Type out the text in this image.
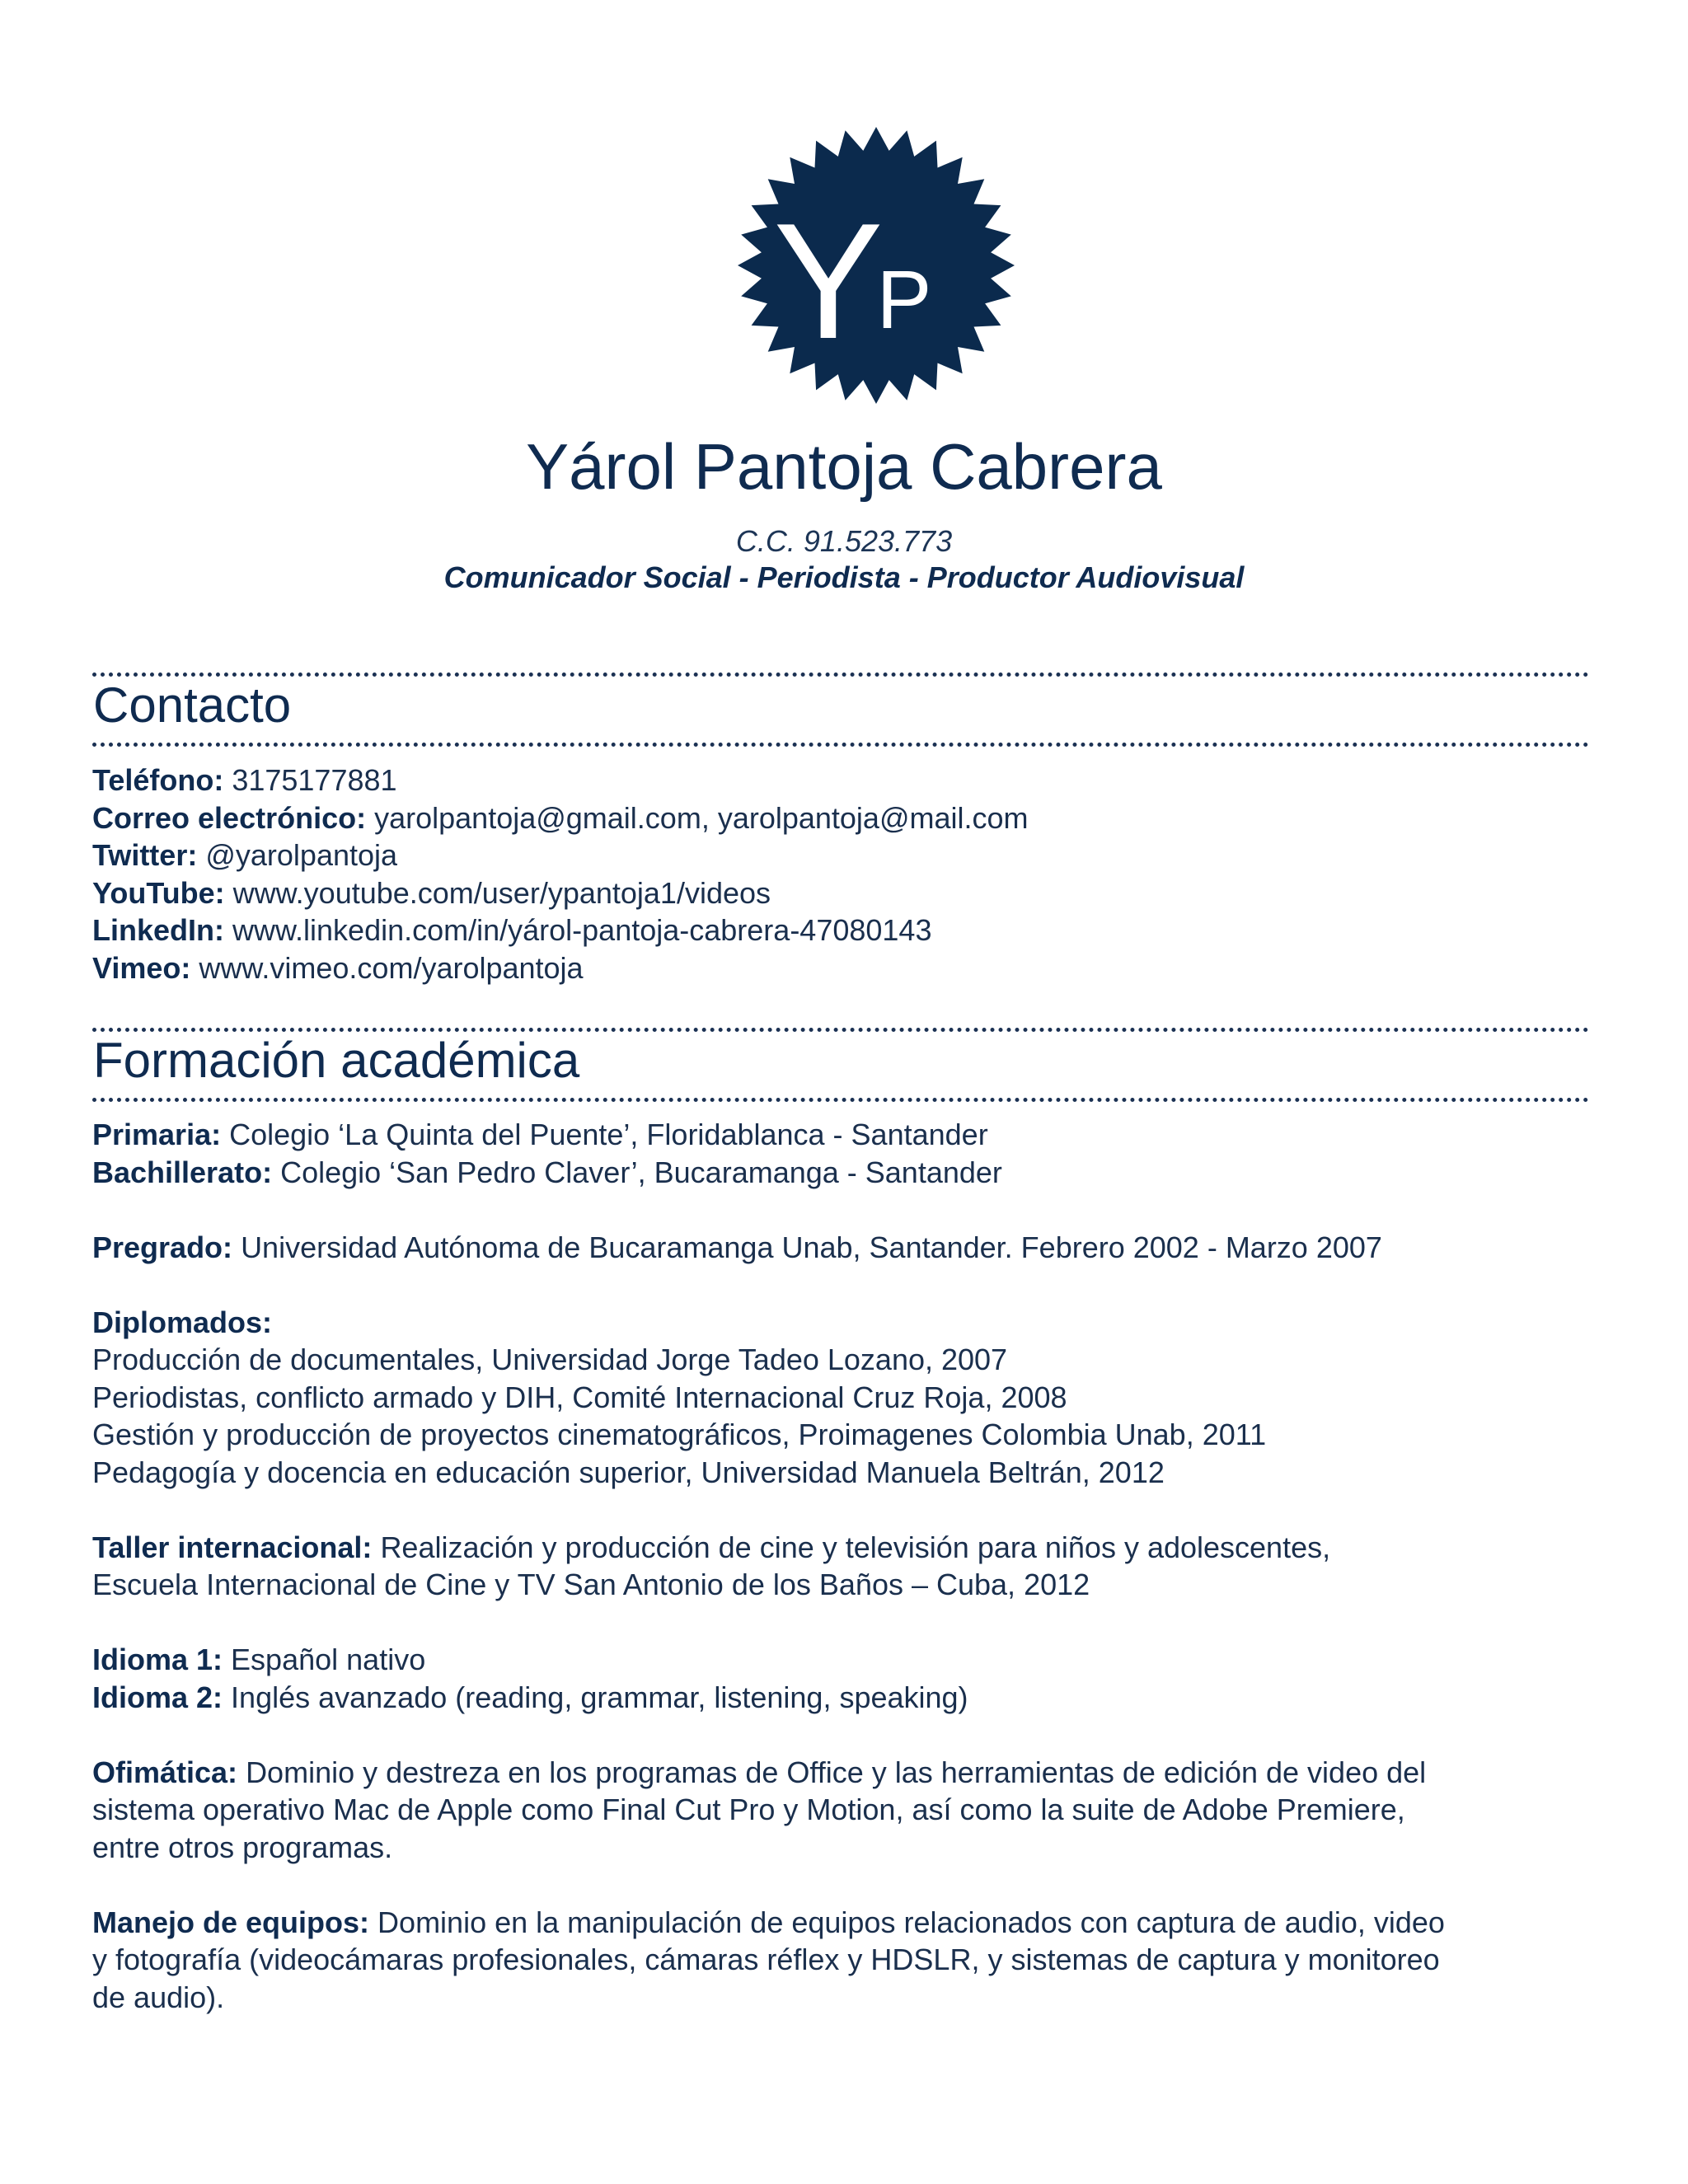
Y
P
Yárol Pantoja Cabrera
C.C. 91.523.773
Comunicador Social - Periodista - Productor Audiovisual
Contacto
Teléfono: 3175177881
Correo electrónico: yarolpantoja@gmail.com, yarolpantoja@mail.com
Twitter: @yarolpantoja
YouTube: www.youtube.com/user/ypantoja1/videos
LinkedIn: www.linkedin.com/in/yárol-pantoja-cabrera-47080143
Vimeo: www.vimeo.com/yarolpantoja
Formación académica
Primaria: Colegio ‘La Quinta del Puente’, Floridablanca - Santander
Bachillerato: Colegio ‘San Pedro Claver’, Bucaramanga - Santander
Pregrado: Universidad Autónoma de Bucaramanga Unab, Santander. Febrero 2002 - Marzo 2007
Diplomados:
Producción de documentales, Universidad Jorge Tadeo Lozano, 2007
Periodistas, conflicto armado y DIH, Comité Internacional Cruz Roja, 2008
Gestión y producción de proyectos cinematográficos, Proimagenes Colombia Unab, 2011
Pedagogía y docencia en educación superior, Universidad Manuela Beltrán, 2012
Taller internacional: Realización y producción de cine y televisión para niños y adolescentes,
Escuela Internacional de Cine y TV San Antonio de los Baños – Cuba, 2012
Idioma 1: Español nativo
Idioma 2: Inglés avanzado (reading, grammar, listening, speaking)
Ofimática: Dominio y destreza en los programas de Office y las herramientas de edición de video del
sistema operativo Mac de Apple como Final Cut Pro y Motion, así como la suite de Adobe Premiere,
entre otros programas.
Manejo de equipos: Dominio en la manipulación de equipos relacionados con captura de audio, video
y fotografía (videocámaras profesionales, cámaras réflex y HDSLR, y sistemas de captura y monitoreo
de audio).
